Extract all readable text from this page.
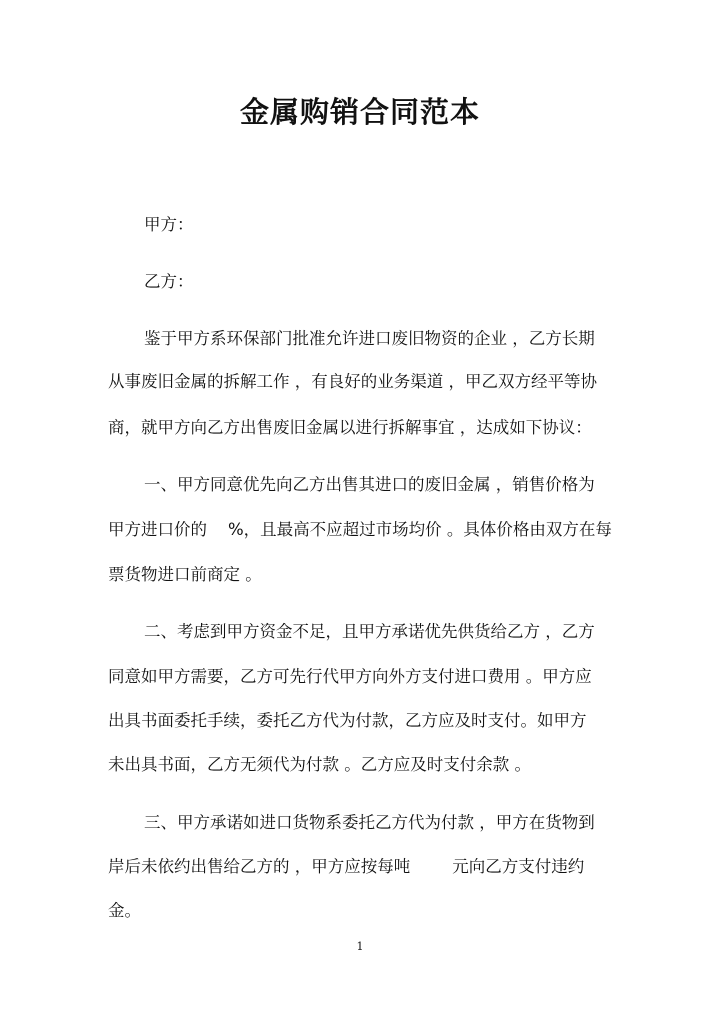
金属购销合同范本
甲方：
乙方：
鉴于甲方系环保部门批准允许进口废旧物资的企业 ，乙方长期
从事废旧金属的拆解工作 ，有良好的业务渠道 ，甲乙双方经平等协
商，就甲方向乙方出售废旧金属以进行拆解事宜 ，达成如下协议：
一、甲方同意优先向乙方出售其进口的废旧金属 ，销售价格为
甲方进口价的    %，且最高不应超过市场均价 。具体价格由双方在每
票货物进口前商定 。
二、考虑到甲方资金不足，且甲方承诺优先供货给乙方 ，乙方
同意如甲方需要，乙方可先行代甲方向外方支付进口费用 。甲方应
出具书面委托手续，委托乙方代为付款，乙方应及时支付。如甲方
未出具书面，乙方无须代为付款 。乙方应及时支付余款 。
三、甲方承诺如进口货物系委托乙方代为付款 ，甲方在货物到
岸后未依约出售给乙方的 ，甲方应按每吨        元向乙方支付违约
金。
1
